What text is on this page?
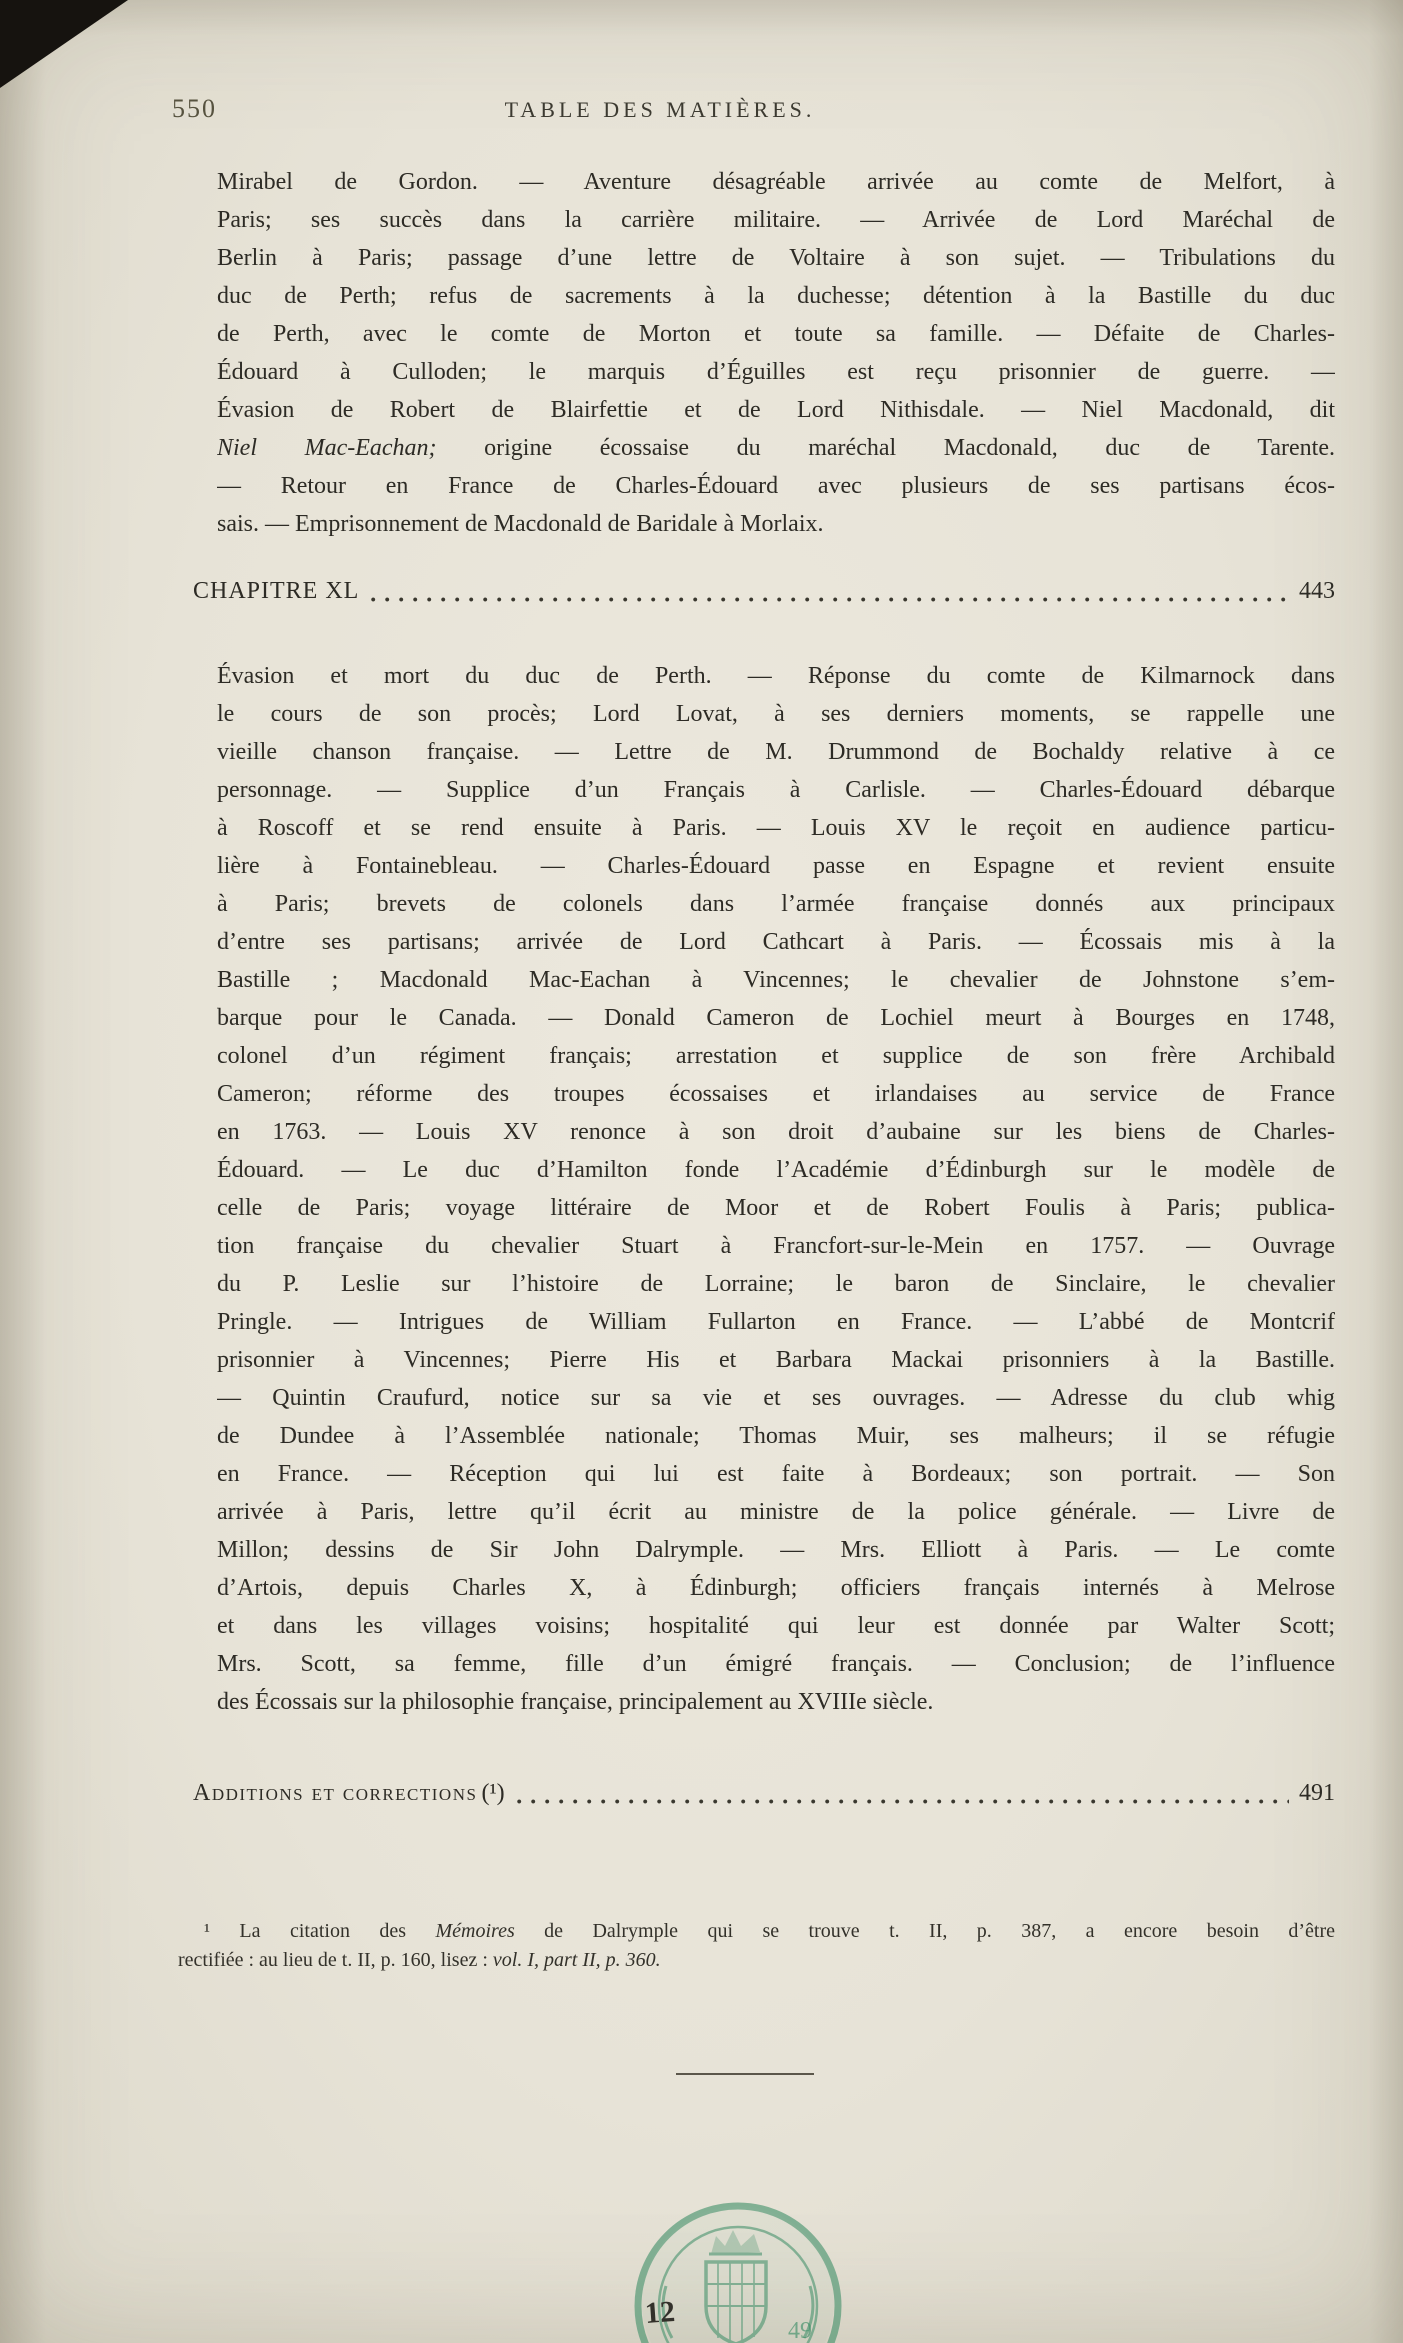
550	TABLE DES MATIÈRES.
Mirabel de Gordon. — Aventure désagréable arrivée au comte de Melfort, à
Paris; ses succès dans la carrière militaire. — Arrivée de Lord Maréchal de
Berlin à Paris; passage d’une lettre de Voltaire à son sujet. — Tribulations du
duc de Perth; refus de sacrements à la duchesse; détention à la Bastille du duc
de Perth, avec le comte de Morton et toute sa famille. — Défaite de Charles-
Édouard à Culloden; le marquis d’Éguilles est reçu prisonnier de guerre. —
Évasion de Robert de Blairfettie et de Lord Nithisdale. — Niel Macdonald, dit
Niel Mac-Eachan; origine écossaise du maréchal Macdonald, duc de Tarente.
— Retour en France de Charles-Édouard avec plusieurs de ses partisans écos-
sais. — Emprisonnement de Macdonald de Baridale à Morlaix.
CHAPITRE XL	443
Évasion et mort du duc de Perth. — Réponse du comte de Kilmarnock dans
le cours de son procès; Lord Lovat, à ses derniers moments, se rappelle une
vieille chanson française. — Lettre de M. Drummond de Bochaldy relative à ce
personnage. — Supplice d’un Français à Carlisle. — Charles-Édouard débarque
à Roscoff et se rend ensuite à Paris. — Louis XV le reçoit en audience particu-
lière à Fontainebleau. — Charles-Édouard passe en Espagne et revient ensuite
à Paris; brevets de colonels dans l’armée française donnés aux principaux
d’entre ses partisans; arrivée de Lord Cathcart à Paris. — Écossais mis à la
Bastille ; Macdonald Mac-Eachan à Vincennes; le chevalier de Johnstone s’em-
barque pour le Canada. — Donald Cameron de Lochiel meurt à Bourges en 1748,
colonel d’un régiment français; arrestation et supplice de son frère Archibald
Cameron; réforme des troupes écossaises et irlandaises au service de France
en 1763. — Louis XV renonce à son droit d’aubaine sur les biens de Charles-
Édouard. — Le duc d’Hamilton fonde l’Académie d’Édinburgh sur le modèle de
celle de Paris; voyage littéraire de Moor et de Robert Foulis à Paris; publica-
tion française du chevalier Stuart à Francfort-sur-le-Mein en 1757. — Ouvrage
du P. Leslie sur l’histoire de Lorraine; le baron de Sinclaire, le chevalier
Pringle. — Intrigues de William Fullarton en France. — L’abbé de Montcrif
prisonnier à Vincennes; Pierre His et Barbara Mackai prisonniers à la Bastille.
— Quintin Craufurd, notice sur sa vie et ses ouvrages. — Adresse du club whig
de Dundee à l’Assemblée nationale; Thomas Muir, ses malheurs; il se réfugie
en France. — Réception qui lui est faite à Bordeaux; son portrait. — Son
arrivée à Paris, lettre qu’il écrit au ministre de la police générale. — Livre de
Millon; dessins de Sir John Dalrymple. — Mrs. Elliott à Paris. — Le comte
d’Artois, depuis Charles X, à Édinburgh; officiers français internés à Melrose
et dans les villages voisins; hospitalité qui leur est donnée par Walter Scott;
Mrs. Scott, sa femme, fille d’un émigré français. — Conclusion; de l’influence
des Écossais sur la philosophie française, principalement au XVIIIe siècle.
Additions et corrections (¹)	491
¹ La citation des Mémoires de Dalrymple qui se trouve t. II, p. 387, a encore besoin d’être
rectifiée : au lieu de t. II, p. 160, lisez : vol. I, part II, p. 360.
49
12
